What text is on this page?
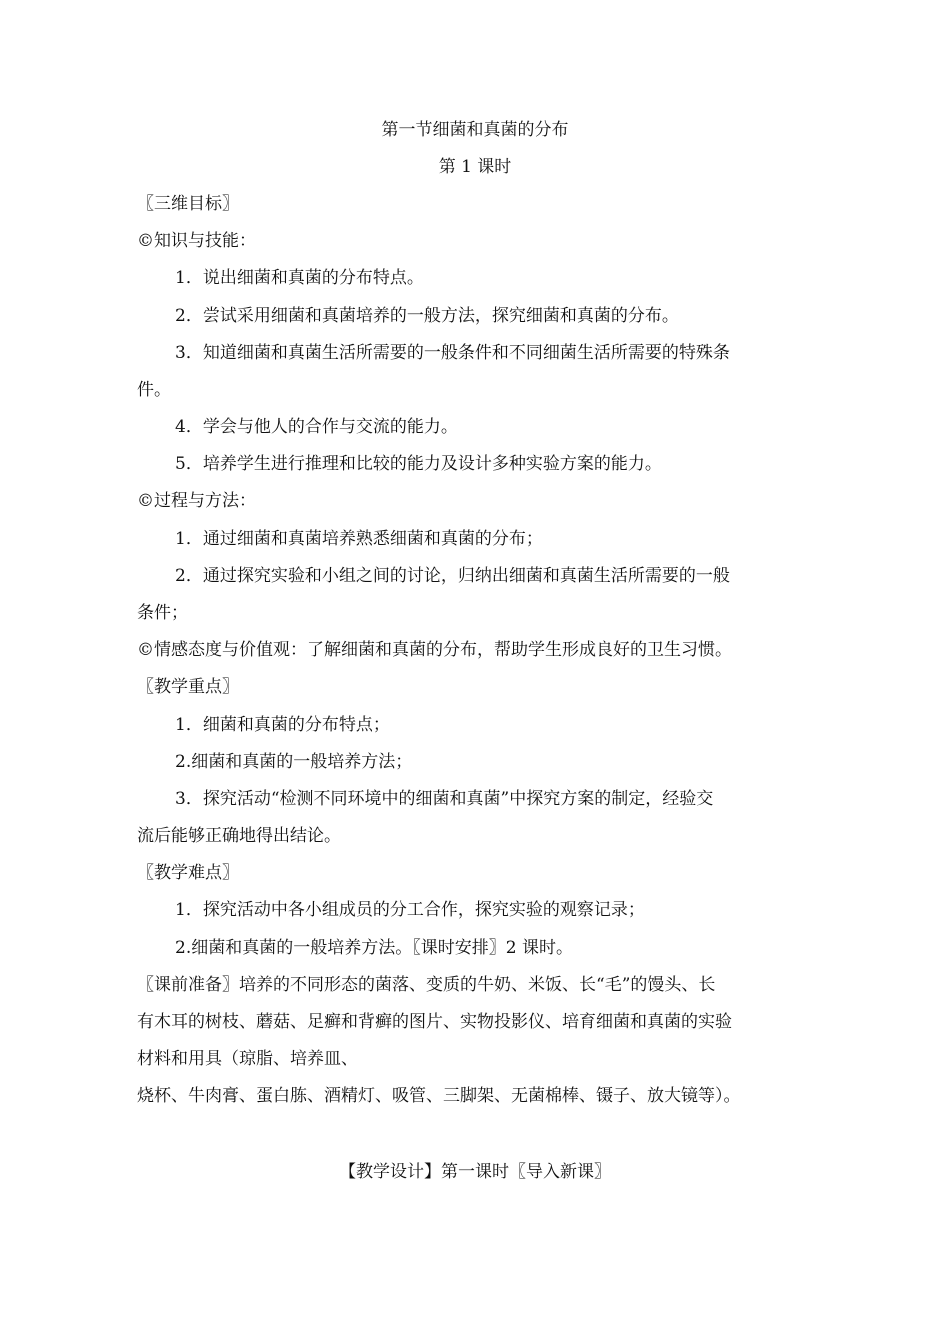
第一节细菌和真菌的分布
第 1 课时
〖三维目标〗
©知识与技能：
1．说出细菌和真菌的分布特点。
2．尝试采用细菌和真菌培养的一般方法，探究细菌和真菌的分布。
3．知道细菌和真菌生活所需要的一般条件和不同细菌生活所需要的特殊条
件。
4．学会与他人的合作与交流的能力。
5．培养学生进行推理和比较的能力及设计多种实验方案的能力。
©过程与方法：
1．通过细菌和真菌培养熟悉细菌和真菌的分布；
2．通过探究实验和小组之间的讨论，归纳出细菌和真菌生活所需要的一般
条件；
©情感态度与价值观：了解细菌和真菌的分布，帮助学生形成良好的卫生习惯。
〖教学重点〗
1．细菌和真菌的分布特点；
2.细菌和真菌的一般培养方法；
3．探究活动“检测不同环境中的细菌和真菌”中探究方案的制定，经验交
流后能够正确地得出结论。
〖教学难点〗
1．探究活动中各小组成员的分工合作，探究实验的观察记录；
2.细菌和真菌的一般培养方法。〖课时安排〗2 课时。
〖课前准备〗培养的不同形态的菌落、变质的牛奶、米饭、长“毛”的馒头、长
有木耳的树枝、蘑菇、足癣和背癣的图片、实物投影仪、培育细菌和真菌的实验
材料和用具（琼脂、培养皿、
烧杯、牛肉膏、蛋白胨、酒精灯、吸管、三脚架、无菌棉棒、镊子、放大镜等）。
【教学设计】第一课时〖导入新课〗
